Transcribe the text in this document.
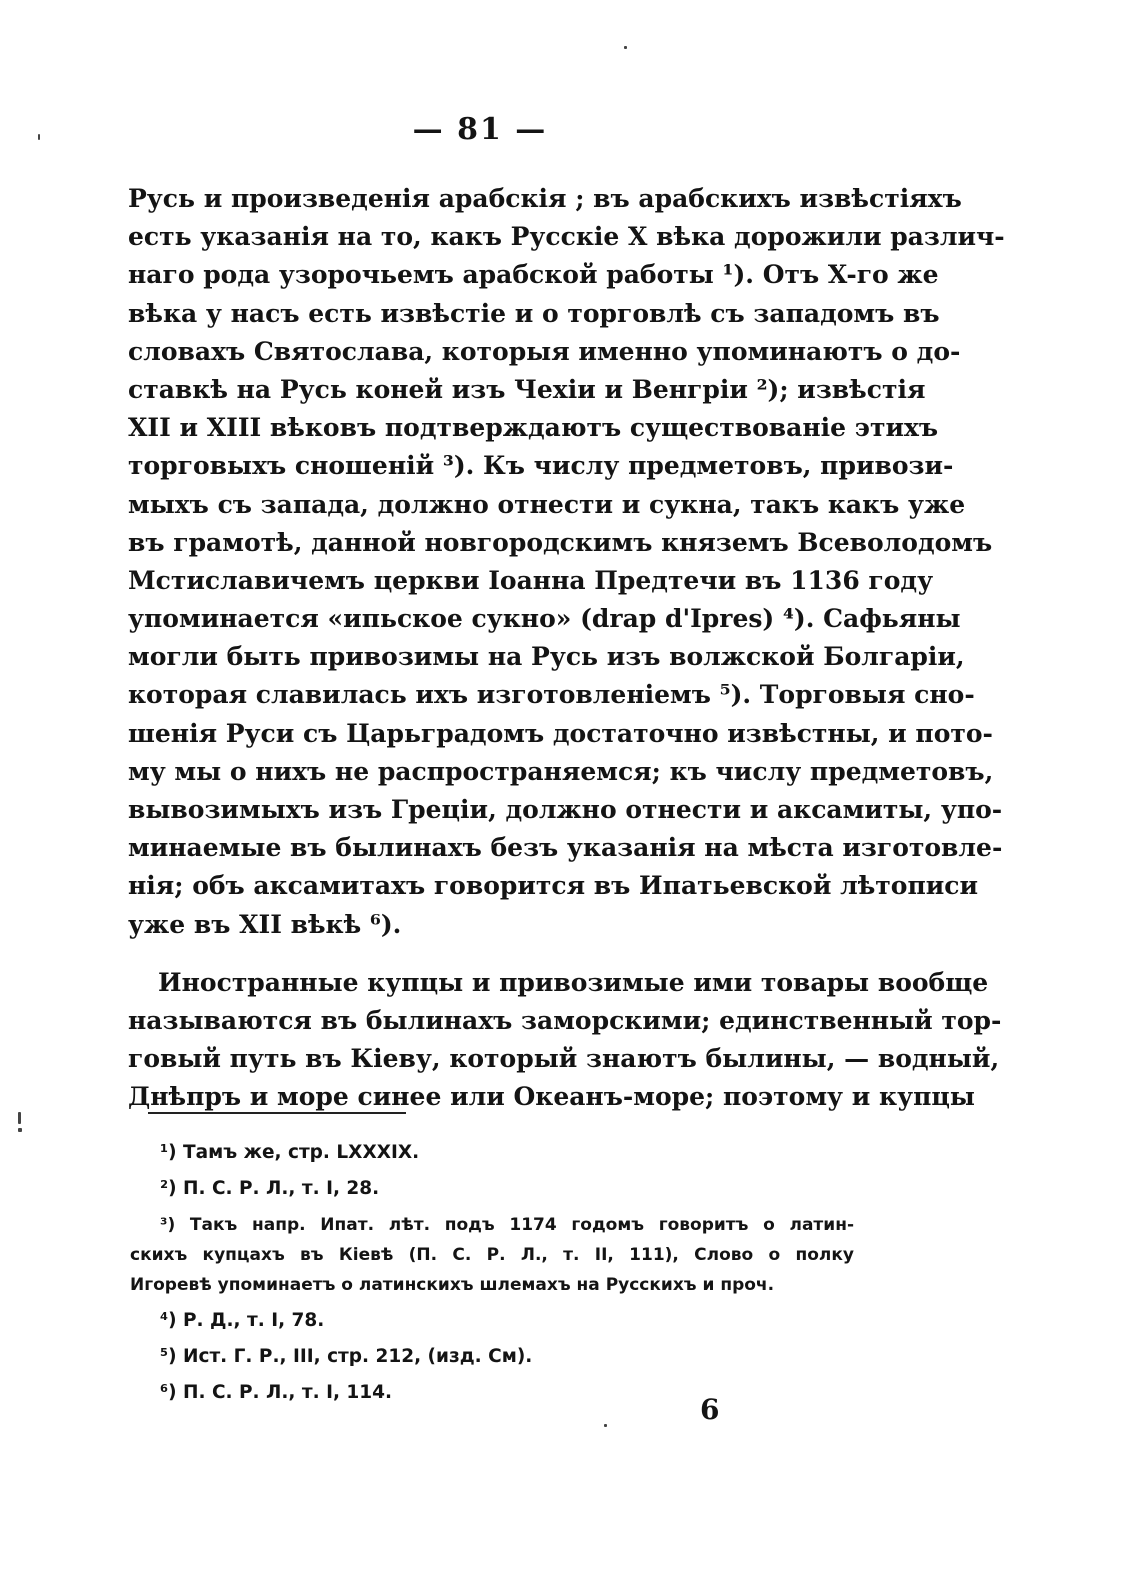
— 81 —
Русь и произведенія арабскія ; въ арабскихъ извѣстіяхъ
есть указанія на то, какъ Русскіе X вѣка дорожили различ-
наго рода узорочьемъ арабской работы ¹). Отъ X-го же
вѣка у насъ есть извѣстіе и о торговлѣ съ западомъ въ
словахъ Святослава, которыя именно упоминаютъ о до-
ставкѣ на Русь коней изъ Чехіи и Венгріи ²); извѣстія
XII и XIII вѣковъ подтверждаютъ существованіе этихъ
торговыхъ сношеній ³). Къ числу предметовъ, привози-
мыхъ съ запада, должно отнести и сукна, такъ какъ уже
въ грамотѣ, данной новгородскимъ княземъ Всеволодомъ
Мстиславичемъ церкви Іоанна Предтечи въ 1136 году
упоминается «ипьское сукно» (drap d'Ipres) ⁴). Сафьяны
могли быть привозимы на Русь изъ волжской Болгаріи,
которая славилась ихъ изготовленіемъ ⁵). Торговыя сно-
шенія Руси съ Царьградомъ достаточно извѣстны, и пото-
му мы о нихъ не распространяемся; къ числу предметовъ,
вывозимыхъ изъ Греціи, должно отнести и аксамиты, упо-
минаемые въ былинахъ безъ указанія на мѣста изготовле-
нія; объ аксамитахъ говорится въ Ипатьевской лѣтописи
уже въ XII вѣкѣ ⁶).
Иностранные купцы и привозимые ими товары вообще
называются въ былинахъ заморскими; единственный тор-
говый путь въ Кіеву, который знаютъ былины, — водный,
Днѣпръ и море синее или Океанъ-море; поэтому и купцы
¹) Тамъ же, стр. LXXXIX.
²) П. С. Р. Л., т. I, 28.
³) Такъ напр. Ипат. лѣт. подъ 1174 годомъ говоритъ о латин-
скихъ купцахъ въ Кіевѣ (П. С. Р. Л., т. II, 111), Слово о полку
Игоревѣ упоминаетъ о латинскихъ шлемахъ на Русскихъ и проч.
⁴) Р. Д., т. I, 78.
⁵) Ист. Г. Р., III, стр. 212, (изд. См).
⁶) П. С. Р. Л., т. I, 114.
6
